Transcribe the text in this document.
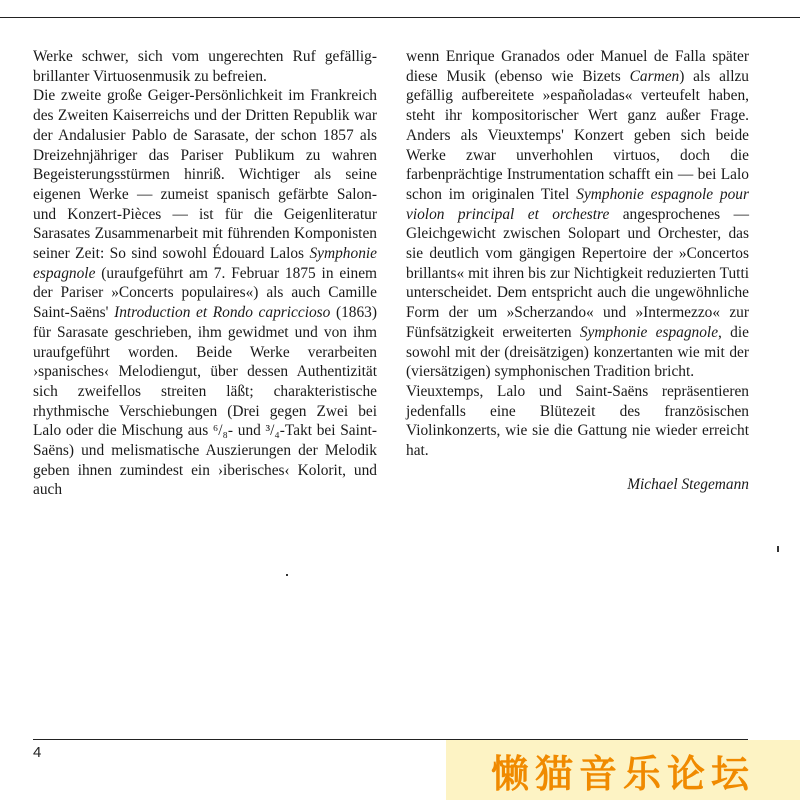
Werke schwer, sich vom ungerechten Ruf gefällig-brillanter Virtuosenmusik zu befreien.

Die zweite große Geiger-Persönlichkeit im Frankreich des Zweiten Kaiserreichs und der Dritten Republik war der Andalusier Pablo de Sarasate, der schon 1857 als Dreizehnjähriger das Pariser Publikum zu wahren Begeisterungsstürmen hinriß. Wichtiger als seine eigenen Werke — zumeist spanisch gefärbte Salon- und Konzert-Pièces — ist für die Geigenliteratur Sarasates Zusammenarbeit mit führenden Komponisten seiner Zeit: So sind sowohl Édouard Lalos Symphonie espagnole (uraufgeführt am 7. Februar 1875 in einem der Pariser »Concerts populaires«) als auch Camille Saint-Saëns' Introduction et Rondo capriccioso (1863) für Sarasate geschrieben, ihm gewidmet und von ihm uraufgeführt worden. Beide Werke verarbeiten ›spanisches‹ Melodiengut, über dessen Authentizität sich zweifellos streiten läßt; charakteristische rhythmische Verschiebungen (Drei gegen Zwei bei Lalo oder die Mischung aus ⁶/₈- und ³/₄-Takt bei Saint-Saëns) und melismatische Auszierungen der Melodik geben ihnen zumindest ein ›iberisches‹ Kolorit, und auch

wenn Enrique Granados oder Manuel de Falla später diese Musik (ebenso wie Bizets Carmen) als allzu gefällig aufbereitete »españoladas« verteufelt haben, steht ihr kompositorischer Wert ganz außer Frage. Anders als Vieuxtemps' Konzert geben sich beide Werke zwar unverhohlen virtuos, doch die farbenprächtige Instrumentation schafft ein — bei Lalo schon im originalen Titel Symphonie espagnole pour violon principal et orchestre angesprochenes — Gleichgewicht zwischen Solopart und Orchester, das sie deutlich vom gängigen Repertoire der »Concertos brillants« mit ihren bis zur Nichtigkeit reduzierten Tutti unterscheidet. Dem entspricht auch die ungewöhnliche Form der um »Scherzando« und »Intermezzo« zur Fünfsätzigkeit erweiterten Symphonie espagnole, die sowohl mit der (dreisätzigen) konzertanten wie mit der (viersätzigen) symphonischen Tradition bricht.

Vieuxtemps, Lalo und Saint-Saëns repräsentieren jedenfalls eine Blütezeit des französischen Violinkonzerts, wie sie die Gattung nie wieder erreicht hat.

Michael Stegemann
4	懒猫音乐论坛
